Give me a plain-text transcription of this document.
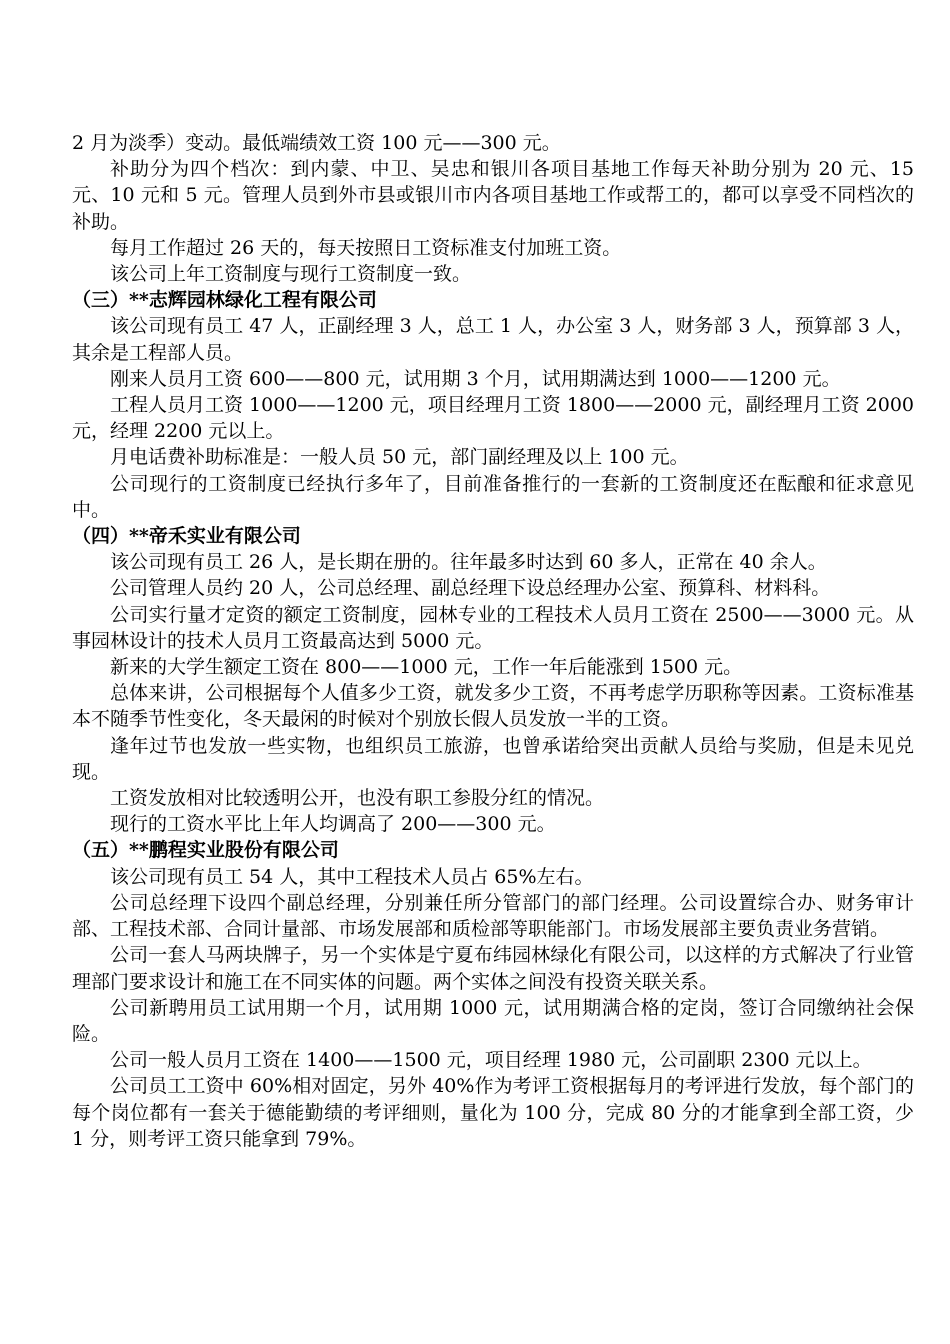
2 月为淡季）变动。最低端绩效工资 100 元——300 元。

补助分为四个档次：到内蒙、中卫、吴忠和银川各项目基地工作每天补助分别为 20 元、15 元、10 元和 5 元。管理人员到外市县或银川市内各项目基地工作或帮工的，都可以享受不同档次的补助。

每月工作超过 26 天的，每天按照日工资标准支付加班工资。

该公司上年工资制度与现行工资制度一致。

（三）**志辉园林绿化工程有限公司

该公司现有员工 47 人，正副经理 3 人，总工 1 人，办公室 3 人，财务部 3 人，预算部 3 人，其余是工程部人员。

刚来人员月工资 600——800 元，试用期 3 个月，试用期满达到 1000——1200 元。

工程人员月工资 1000——1200 元，项目经理月工资 1800——2000 元，副经理月工资 2000 元，经理 2200 元以上。

月电话费补助标准是：一般人员 50 元，部门副经理及以上 100 元。

公司现行的工资制度已经执行多年了，目前准备推行的一套新的工资制度还在酝酿和征求意见中。

（四）**帝禾实业有限公司

该公司现有员工 26 人，是长期在册的。往年最多时达到 60 多人，正常在 40 余人。

公司管理人员约 20 人，公司总经理、副总经理下设总经理办公室、预算科、材料科。

公司实行量才定资的额定工资制度，园林专业的工程技术人员月工资在 2500——3000 元。从事园林设计的技术人员月工资最高达到 5000 元。

新来的大学生额定工资在 800——1000 元，工作一年后能涨到 1500 元。

总体来讲，公司根据每个人值多少工资，就发多少工资，不再考虑学历职称等因素。工资标准基本不随季节性变化，冬天最闲的时候对个别放长假人员发放一半的工资。

逢年过节也发放一些实物，也组织员工旅游，也曾承诺给突出贡献人员给与奖励，但是未见兑现。

工资发放相对比较透明公开，也没有职工参股分红的情况。

现行的工资水平比上年人均调高了 200——300 元。

（五）**鹏程实业股份有限公司

该公司现有员工 54 人，其中工程技术人员占 65%左右。

公司总经理下设四个副总经理，分别兼任所分管部门的部门经理。公司设置综合办、财务审计部、工程技术部、合同计量部、市场发展部和质检部等职能部门。市场发展部主要负责业务营销。

公司一套人马两块牌子，另一个实体是宁夏布纬园林绿化有限公司，以这样的方式解决了行业管理部门要求设计和施工在不同实体的问题。两个实体之间没有投资关联关系。

公司新聘用员工试用期一个月，试用期 1000 元，试用期满合格的定岗，签订合同缴纳社会保险。

公司一般人员月工资在 1400——1500 元，项目经理 1980 元，公司副职 2300 元以上。

公司员工工资中 60%相对固定，另外 40%作为考评工资根据每月的考评进行发放，每个部门的每个岗位都有一套关于德能勤绩的考评细则，量化为 100 分，完成 80 分的才能拿到全部工资，少 1 分，则考评工资只能拿到 79%。
